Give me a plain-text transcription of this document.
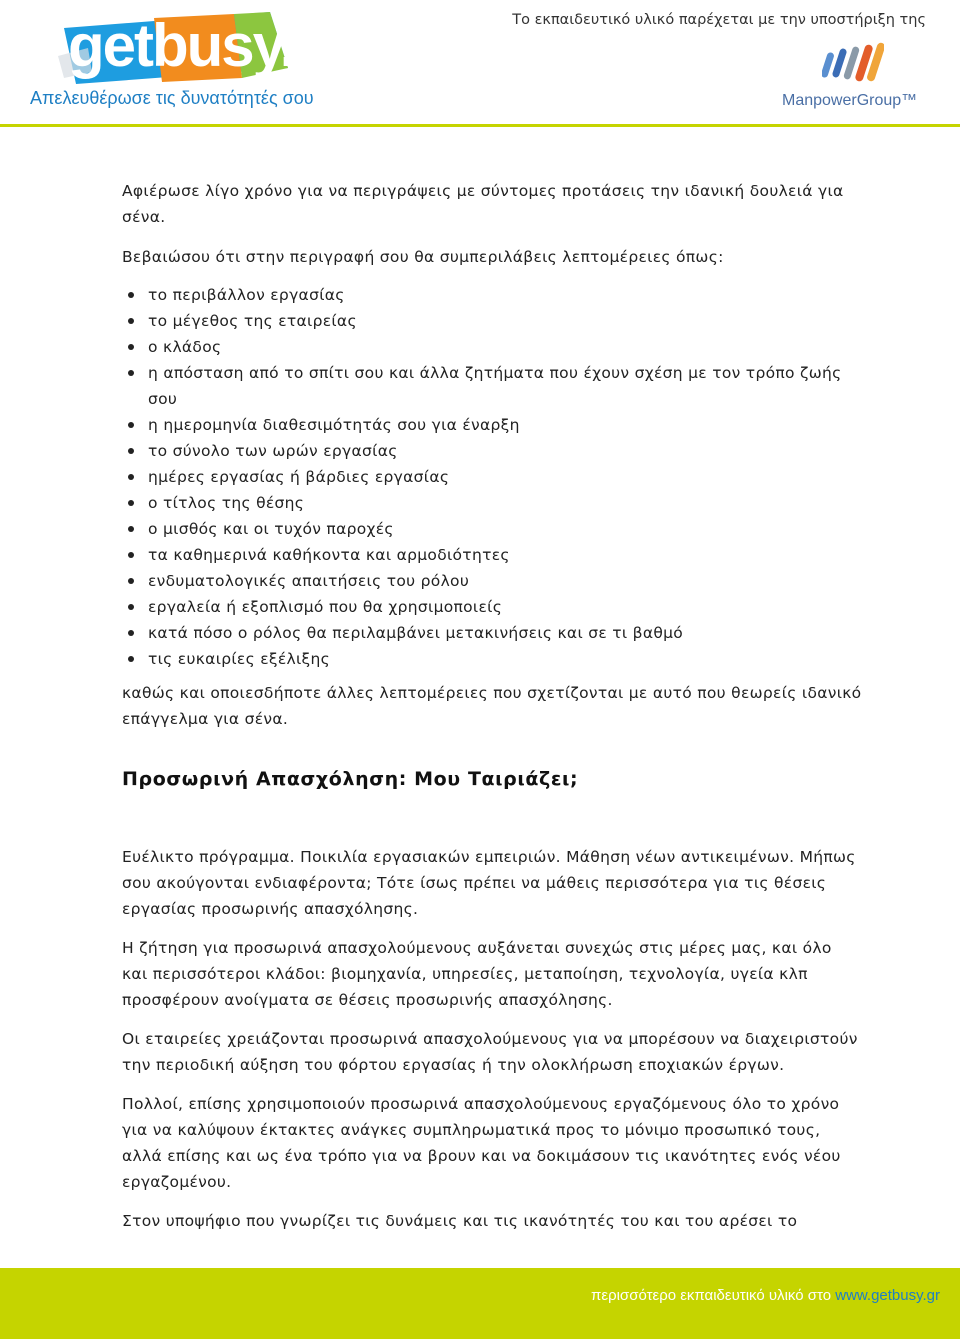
getbusy.gr
Απελευθέρωσε τις δυνατότητές σου
Το εκπαιδευτικό υλικό παρέχεται με την υποστήριξη της
ManpowerGroup™

Αφιέρωσε λίγο χρόνο για να περιγράψεις με σύντομες προτάσεις την ιδανική δουλειά για σένα.

Βεβαιώσου ότι στην περιγραφή σου θα συμπεριλάβεις λεπτομέρειες όπως:

το περιβάλλον εργασίας
το μέγεθος της εταιρείας
ο κλάδος
η απόσταση από το σπίτι σου και άλλα ζητήματα που έχουν σχέση με τον τρόπο ζωής σου
η ημερομηνία διαθεσιμότητάς σου για έναρξη
το σύνολο των ωρών εργασίας
ημέρες εργασίας ή βάρδιες εργασίας
ο τίτλος της θέσης
ο μισθός και οι τυχόν παροχές
τα καθημερινά καθήκοντα και αρμοδιότητες
ενδυματολογικές απαιτήσεις του ρόλου
εργαλεία ή εξοπλισμό που θα χρησιμοποιείς
κατά πόσο ο ρόλος θα περιλαμβάνει μετακινήσεις και σε τι βαθμό
τις ευκαιρίες εξέλιξης

καθώς και οποιεσδήποτε άλλες λεπτομέρειες που σχετίζονται με αυτό που θεωρείς ιδανικό επάγγελμα για σένα.

Προσωρινή Απασχόληση: Μου Ταιριάζει;

Ευέλικτο πρόγραμμα. Ποικιλία εργασιακών εμπειριών. Μάθηση νέων αντικειμένων. Μήπως σου ακούγονται ενδιαφέροντα; Τότε ίσως πρέπει να μάθεις περισσότερα για τις θέσεις εργασίας προσωρινής απασχόλησης.

Η ζήτηση για προσωρινά απασχολούμενους αυξάνεται συνεχώς στις μέρες μας, και όλο και περισσότεροι κλάδοι: βιομηχανία, υπηρεσίες, μεταποίηση, τεχνολογία, υγεία κλπ προσφέρουν ανοίγματα σε θέσεις προσωρινής απασχόλησης.

Οι εταιρείες χρειάζονται προσωρινά απασχολούμενους για να μπορέσουν να διαχειριστούν την περιοδική αύξηση του φόρτου εργασίας ή την ολοκλήρωση εποχιακών έργων.

Πολλοί, επίσης χρησιμοποιούν προσωρινά απασχολούμενους εργαζόμενους όλο το χρόνο για να καλύψουν έκτακτες ανάγκες συμπληρωματικά προς το μόνιμο προσωπικό τους, αλλά επίσης και ως ένα τρόπο για να βρουν και να δοκιμάσουν τις ικανότητες ενός νέου εργαζομένου.

Στον υποψήφιο που γνωρίζει τις δυνάμεις και τις ικανότητές του και του αρέσει το

περισσότερο εκπαιδευτικό υλικό στο www.getbusy.gr
